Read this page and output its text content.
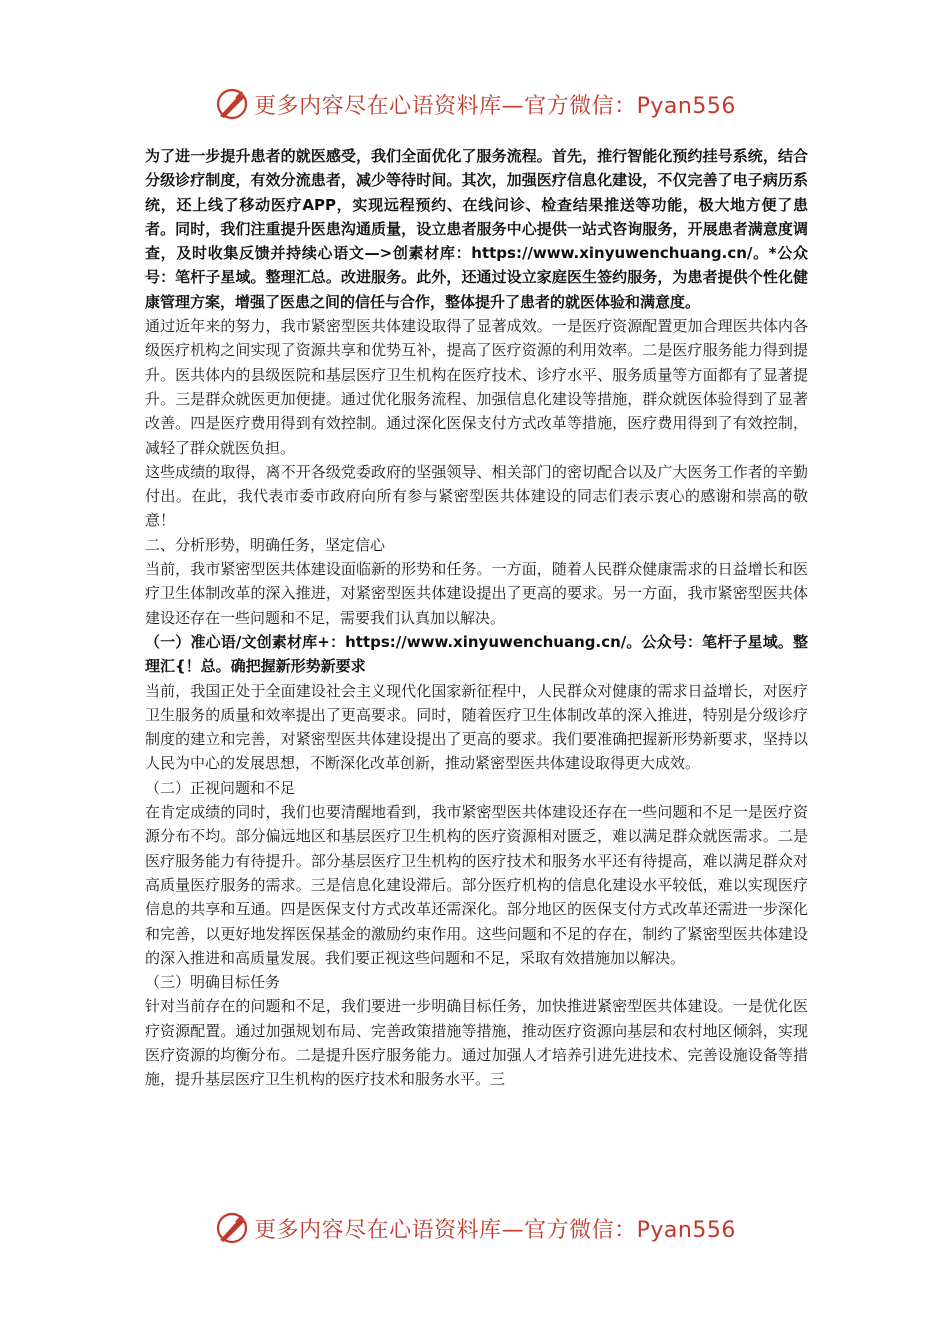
更多内容尽在心语资料库—官方微信：Pyan556

为了进一步提升患者的就医感受，我们全面优化了服务流程。首先，推行智能化预约挂号系统，结合分级诊疗制度，有效分流患者，减少等待时间。其次，加强医疗信息化建设，不仅完善了电子病历系统，还上线了移动医疗APP，实现远程预约、在线问诊、检查结果推送等功能，极大地方便了患者。同时，我们注重提升医患沟通质量，设立患者服务中心提供一站式咨询服务，开展患者满意度调查，及时收集反馈并持续心语文—>创素材库：https://www.xinyuwenchuang.cn/。*公众号：笔杆子星域。整理汇总。改进服务。此外，还通过设立家庭医生签约服务，为患者提供个性化健康管理方案，增强了医患之间的信任与合作，整体提升了患者的就医体验和满意度。

通过近年来的努力，我市紧密型医共体建设取得了显著成效。一是医疗资源配置更加合理医共体内各级医疗机构之间实现了资源共享和优势互补，提高了医疗资源的利用效率。二是医疗服务能力得到提升。医共体内的县级医院和基层医疗卫生机构在医疗技术、诊疗水平、服务质量等方面都有了显著提升。三是群众就医更加便捷。通过优化服务流程、加强信息化建设等措施，群众就医体验得到了显著改善。四是医疗费用得到有效控制。通过深化医保支付方式改革等措施，医疗费用得到了有效控制，减轻了群众就医负担。

这些成绩的取得，离不开各级党委政府的坚强领导、相关部门的密切配合以及广大医务工作者的辛勤付出。在此，我代表市委市政府向所有参与紧密型医共体建设的同志们表示衷心的感谢和崇高的敬意！

二、分析形势，明确任务，坚定信心

当前，我市紧密型医共体建设面临新的形势和任务。一方面，随着人民群众健康需求的日益增长和医疗卫生体制改革的深入推进，对紧密型医共体建设提出了更高的要求。另一方面，我市紧密型医共体建设还存在一些问题和不足，需要我们认真加以解决。

（一）准心语/文创素材库+：https://www.xinyuwenchuang.cn/。公众号：笔杆子星域。整理汇{！总。确把握新形势新要求

当前，我国正处于全面建设社会主义现代化国家新征程中，人民群众对健康的需求日益增长，对医疗卫生服务的质量和效率提出了更高要求。同时，随着医疗卫生体制改革的深入推进，特别是分级诊疗制度的建立和完善，对紧密型医共体建设提出了更高的要求。我们要准确把握新形势新要求，坚持以人民为中心的发展思想，不断深化改革创新，推动紧密型医共体建设取得更大成效。

（二）正视问题和不足

在肯定成绩的同时，我们也要清醒地看到，我市紧密型医共体建设还存在一些问题和不足一是医疗资源分布不均。部分偏远地区和基层医疗卫生机构的医疗资源相对匮乏，难以满足群众就医需求。二是医疗服务能力有待提升。部分基层医疗卫生机构的医疗技术和服务水平还有待提高，难以满足群众对高质量医疗服务的需求。三是信息化建设滞后。部分医疗机构的信息化建设水平较低，难以实现医疗信息的共享和互通。四是医保支付方式改革还需深化。部分地区的医保支付方式改革还需进一步深化和完善，以更好地发挥医保基金的激励约束作用。这些问题和不足的存在，制约了紧密型医共体建设的深入推进和高质量发展。我们要正视这些问题和不足，采取有效措施加以解决。

（三）明确目标任务

针对当前存在的问题和不足，我们要进一步明确目标任务，加快推进紧密型医共体建设。一是优化医疗资源配置。通过加强规划布局、完善政策措施等措施，推动医疗资源向基层和农村地区倾斜，实现医疗资源的均衡分布。二是提升医疗服务能力。通过加强人才培养引进先进技术、完善设施设备等措施，提升基层医疗卫生机构的医疗技术和服务水平。三

更多内容尽在心语资料库—官方微信：Pyan556
